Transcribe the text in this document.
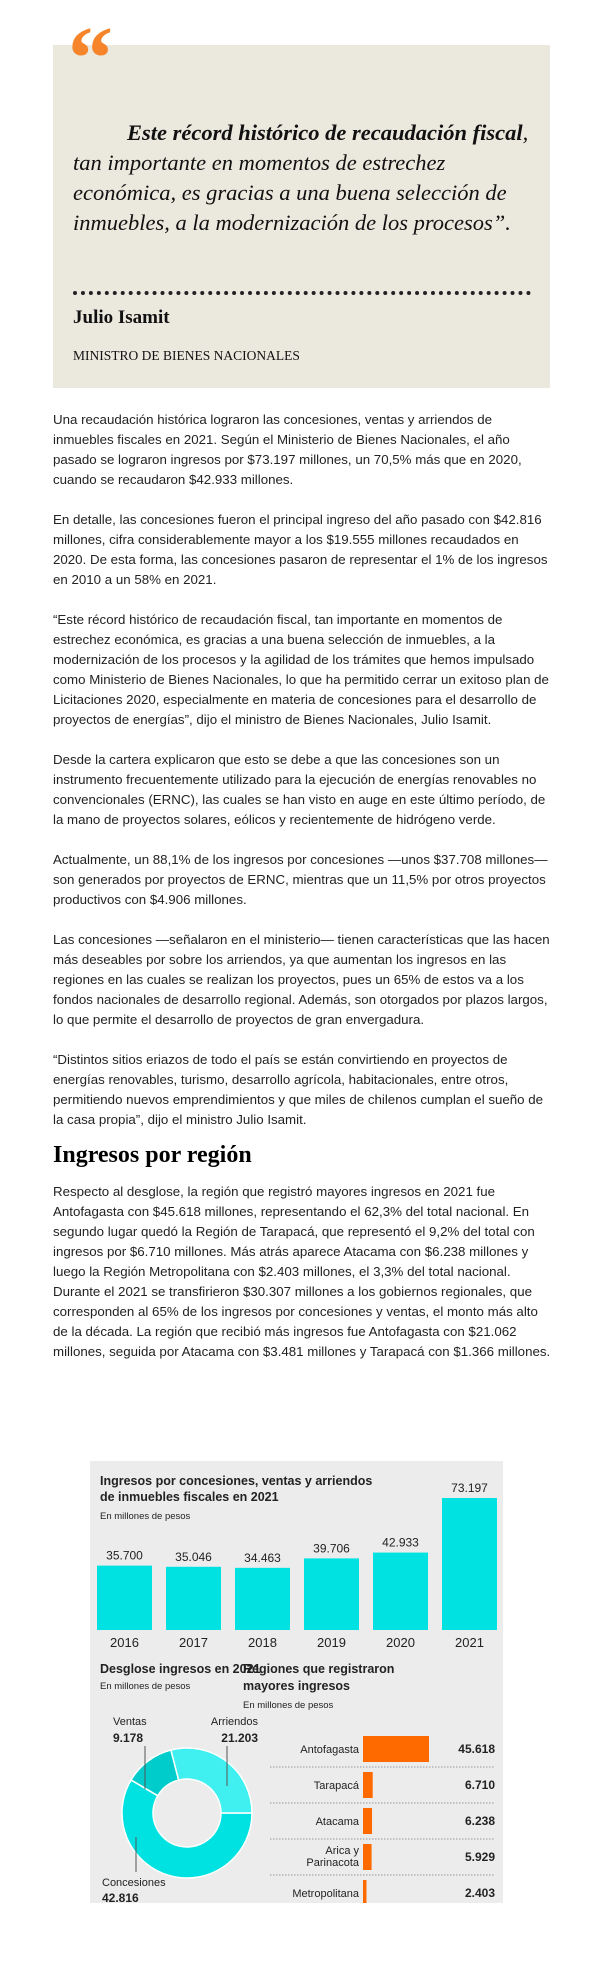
Este récord histórico de recaudación fiscal, tan importante en momentos de estrechez económica, es gracias a una buena selección de inmuebles, a la modernización de los procesos”.

Julio Isamit
MINISTRO DE BIENES NACIONALES
“

Una recaudación histórica lograron las concesiones, ventas y arriendos de inmuebles fiscales en 2021. Según el Ministerio de Bienes Nacionales, el año pasado se lograron ingresos por $73.197 millones, un 70,5% más que en 2020, cuando se recaudaron $42.933 millones.

En detalle, las concesiones fueron el principal ingreso del año pasado con $42.816 millones, cifra considerablemente mayor a los $19.555 millones recaudados en 2020. De esta forma, las concesiones pasaron de representar el 1% de los ingresos en 2010 a un 58% en 2021.

“Este récord histórico de recaudación fiscal, tan importante en momentos de estrechez económica, es gracias a una buena selección de inmuebles, a la modernización de los procesos y la agilidad de los trámites que hemos impulsado como Ministerio de Bienes Nacionales, lo que ha permitido cerrar un exitoso plan de Licitaciones 2020, especialmente en materia de concesiones para el desarrollo de proyectos de energías”, dijo el ministro de Bienes Nacionales, Julio Isamit.

Desde la cartera explicaron que esto se debe a que las concesiones son un instrumento frecuentemente utilizado para la ejecución de energías renovables no convencionales (ERNC), las cuales se han visto en auge en este último período, de la mano de proyectos solares, eólicos y recientemente de hidrógeno verde.

Actualmente, un 88,1% de los ingresos por concesiones —unos $37.708 millones— son generados por proyectos de ERNC, mientras que un 11,5% por otros proyectos productivos con $4.906 millones.

Las concesiones —señalaron en el ministerio— tienen características que las hacen más deseables por sobre los arriendos, ya que aumentan los ingresos en las regiones en las cuales se realizan los proyectos, pues un 65% de estos va a los fondos nacionales de desarrollo regional. Además, son otorgados por plazos largos, lo que permite el desarrollo de proyectos de gran envergadura.

“Distintos sitios eriazos de todo el país se están convirtiendo en proyectos de energías renovables, turismo, desarrollo agrícola, habitacionales, entre otros, permitiendo nuevos emprendimientos y que miles de chilenos cumplan el sueño de la casa propia”, dijo el ministro Julio Isamit.

Ingresos por región

Respecto al desglose, la región que registró mayores ingresos en 2021 fue Antofagasta con $45.618 millones, representando el 62,3% del total nacional. En segundo lugar quedó la Región de Tarapacá, que representó el 9,2% del total con ingresos por $6.710 millones. Más atrás aparece Atacama con $6.238 millones y luego la Región Metropolitana con $2.403 millones, el 3,3% del total nacional. Durante el 2021 se transfirieron $30.307 millones a los gobiernos regionales, que corresponden al 65% de los ingresos por concesiones y ventas, el monto más alto de la década. La región que recibió más ingresos fue Antofagasta con $21.062 millones, seguida por Atacama con $3.481 millones y Tarapacá con $1.366 millones.

Ingresos por concesiones, ventas y arriendos
de inmuebles fiscales en 2021
En millones de pesos
Desglose ingresos en 2021
En millones de pesos
Regiones que registraron
mayores ingresos
En millones de pesos
35.700
2016
35.046
2017
34.463
2018
39.706
2019
42.933
2020
73.197
2021
Ventas
9.178
Arriendos
21.203
Concesiones
42.816
Antofagasta	45.618
Tarapacá	6.710
Atacama	6.238
Arica y
Parinacota	5.929
Metropolitana	2.403
